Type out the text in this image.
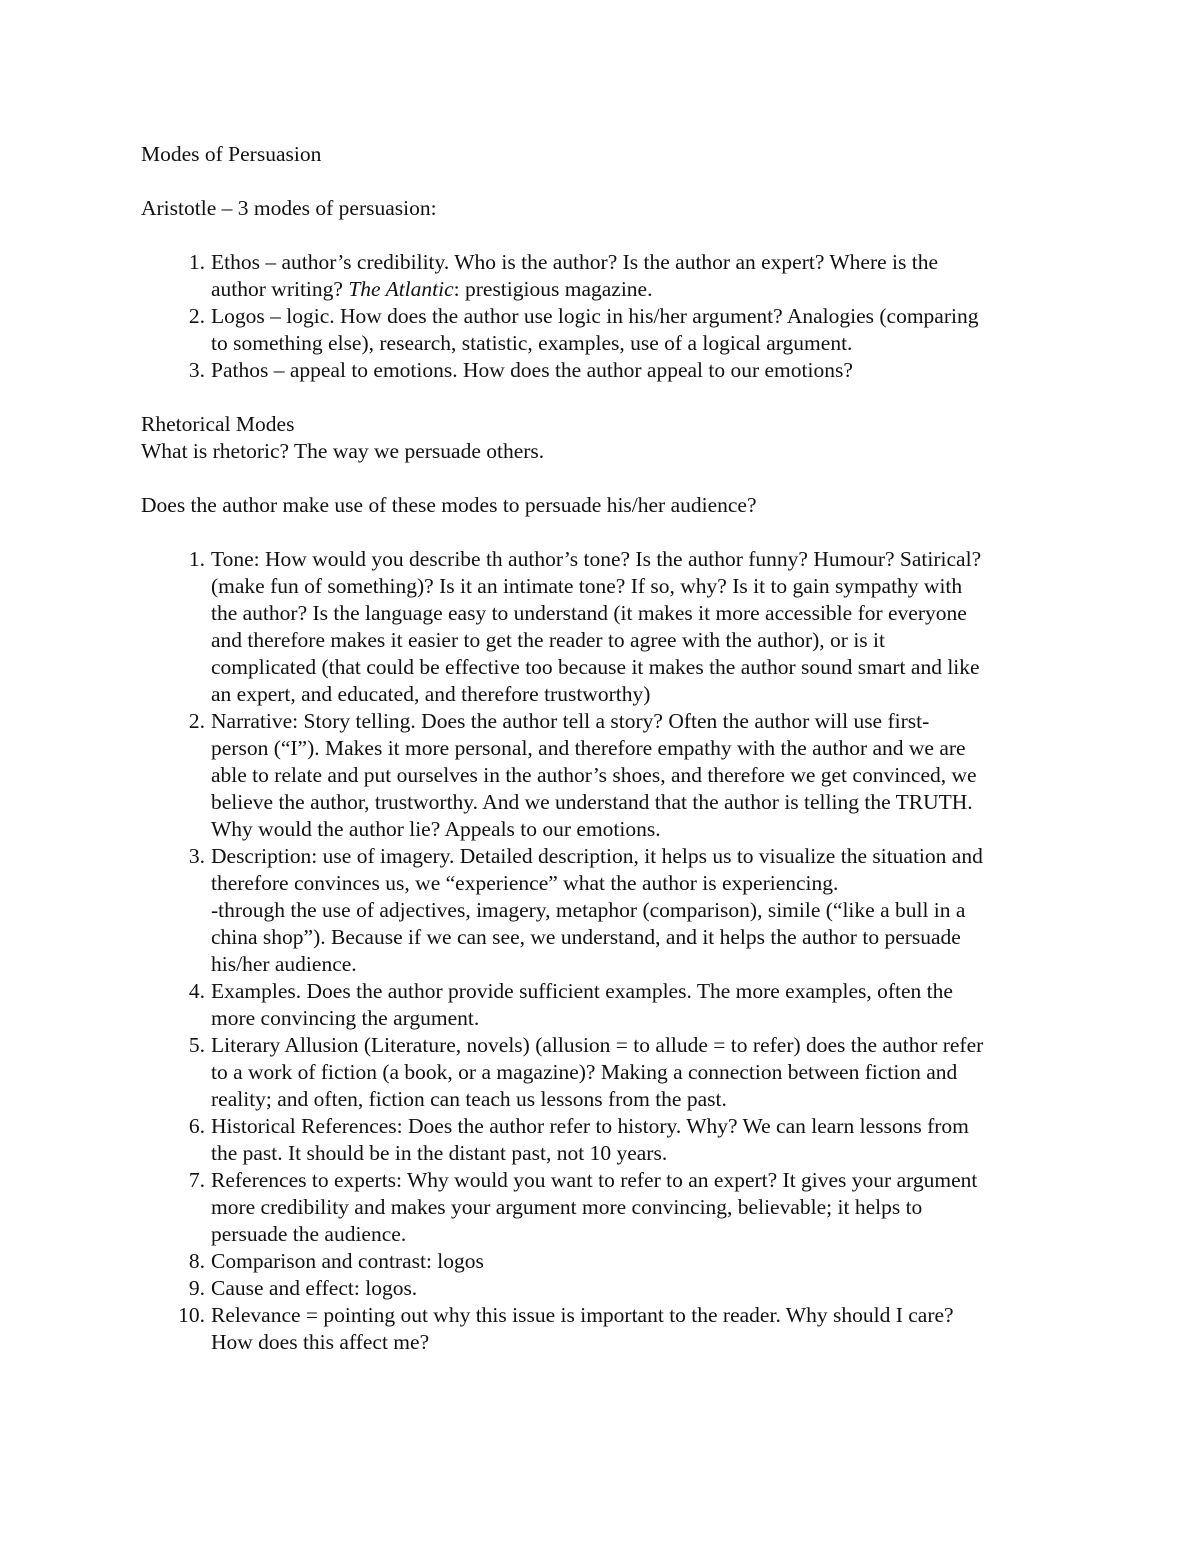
Modes of Persuasion

Aristotle – 3 modes of persuasion:

1. Ethos – author’s credibility. Who is the author? Is the author an expert? Where is the
author writing? The Atlantic: prestigious magazine.
2. Logos – logic. How does the author use logic in his/her argument? Analogies (comparing
to something else), research, statistic, examples, use of a logical argument.
3. Pathos – appeal to emotions. How does the author appeal to our emotions?

Rhetorical Modes

What is rhetoric? The way we persuade others.

Does the author make use of these modes to persuade his/her audience?

1. Tone: How would you describe th author’s tone? Is the author funny? Humour? Satirical?
(make fun of something)? Is it an intimate tone? If so, why? Is it to gain sympathy with
the author? Is the language easy to understand (it makes it more accessible for everyone
and therefore makes it easier to get the reader to agree with the author), or is it
complicated (that could be effective too because it makes the author sound smart and like
an expert, and educated, and therefore trustworthy)
2. Narrative: Story telling. Does the author tell a story? Often the author will use first-
person (“I”). Makes it more personal, and therefore empathy with the author and we are
able to relate and put ourselves in the author’s shoes, and therefore we get convinced, we
believe the author, trustworthy. And we understand that the author is telling the TRUTH.
Why would the author lie? Appeals to our emotions.
3. Description: use of imagery. Detailed description, it helps us to visualize the situation and
therefore convinces us, we “experience” what the author is experiencing.
-through the use of adjectives, imagery, metaphor (comparison), simile (“like a bull in a
china shop”). Because if we can see, we understand, and it helps the author to persuade
his/her audience.
4. Examples. Does the author provide sufficient examples. The more examples, often the
more convincing the argument.
5. Literary Allusion (Literature, novels) (allusion = to allude = to refer) does the author refer
to a work of fiction (a book, or a magazine)? Making a connection between fiction and
reality; and often, fiction can teach us lessons from the past.
6. Historical References: Does the author refer to history. Why? We can learn lessons from
the past. It should be in the distant past, not 10 years.
7. References to experts: Why would you want to refer to an expert? It gives your argument
more credibility and makes your argument more convincing, believable; it helps to
persuade the audience.
8. Comparison and contrast: logos
9. Cause and effect: logos.
10. Relevance = pointing out why this issue is important to the reader. Why should I care?
How does this affect me?
